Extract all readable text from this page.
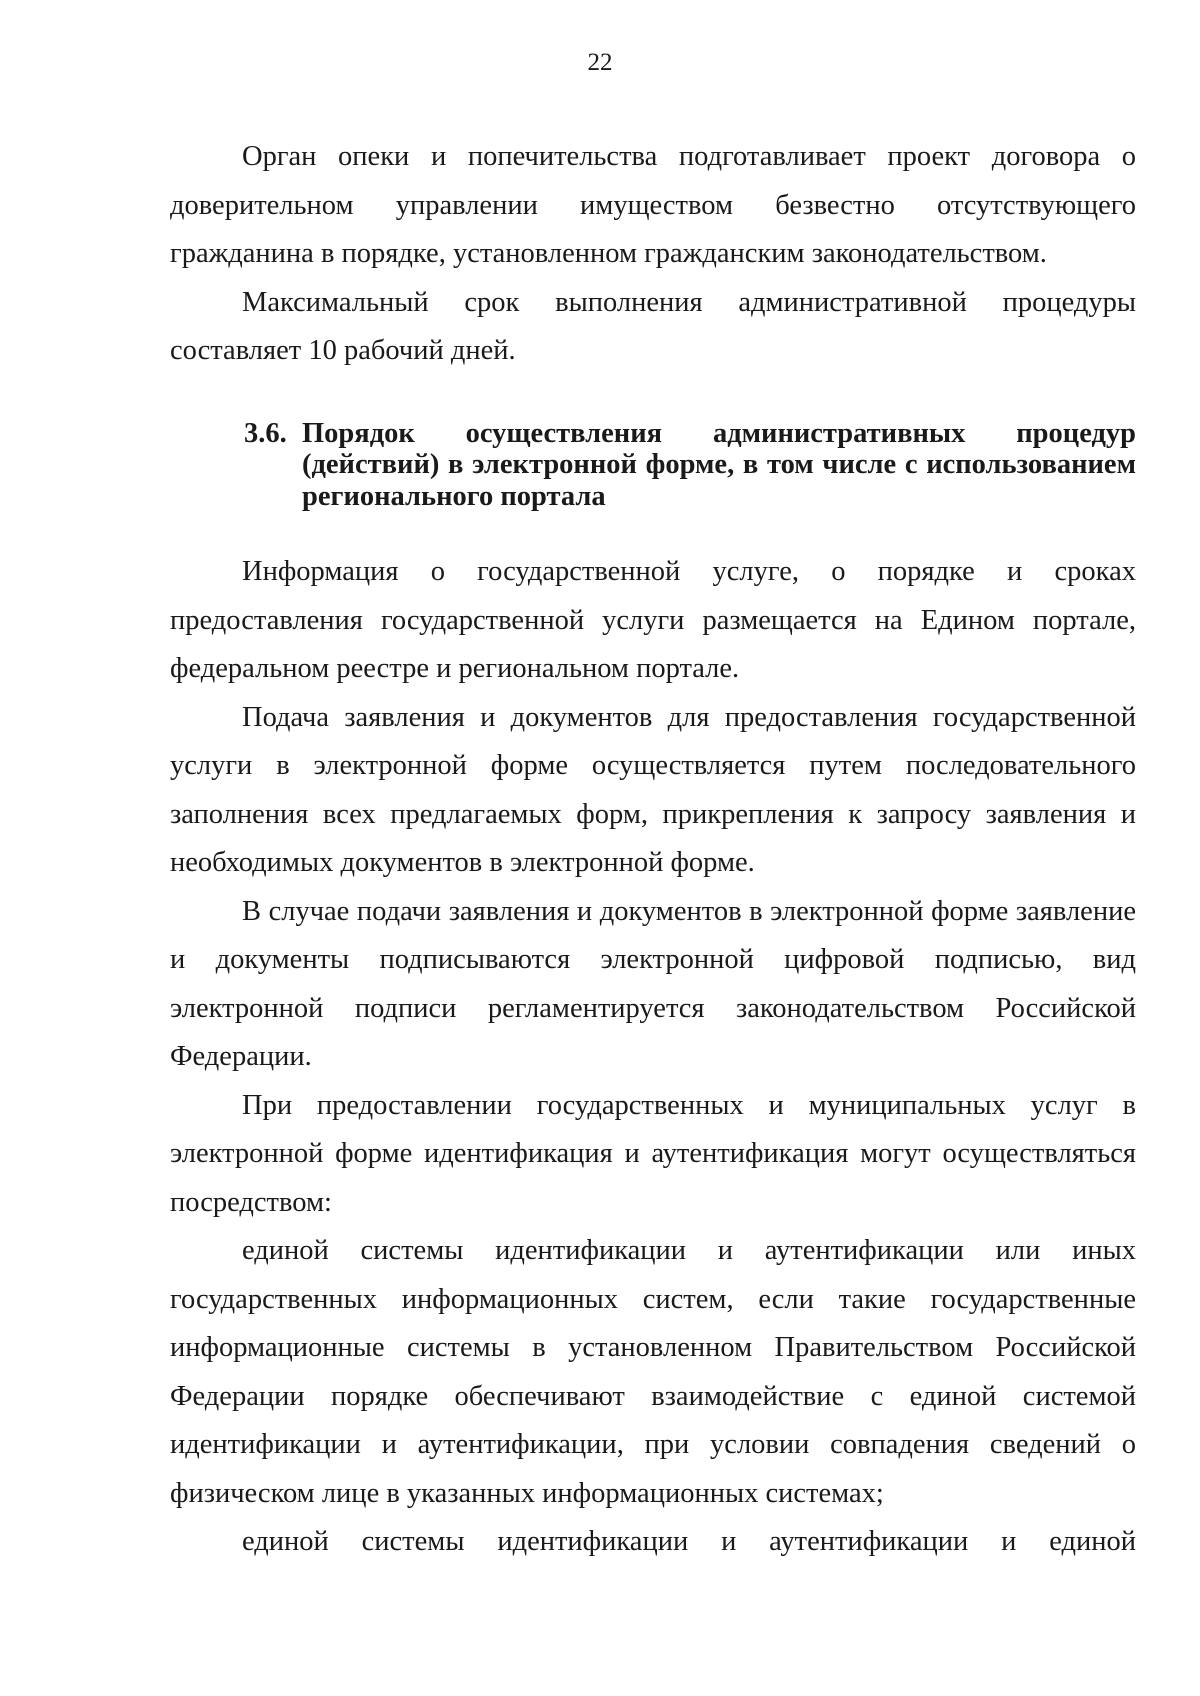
22

Орган опеки и попечительства подготавливает проект договора о доверительном управлении имуществом безвестно отсутствующего гражданина в порядке, установленном гражданским законодательством.

Максимальный срок выполнения административной процедуры составляет 10 рабочий дней.

3.6. Порядок осуществления административных процедур (действий) в электронной форме, в том числе с использованием регионального портала

Информация о государственной услуге, о порядке и сроках предоставления государственной услуги размещается на Едином портале, федеральном реестре и региональном портале.

Подача заявления и документов для предоставления государственной услуги в электронной форме осуществляется путем последовательного заполнения всех предлагаемых форм, прикрепления к запросу заявления и необходимых документов в электронной форме.

В случае подачи заявления и документов в электронной форме заявление и документы подписываются электронной цифровой подписью, вид электронной подписи регламентируется законодательством Российской Федерации.

При предоставлении государственных и муниципальных услуг в электронной форме идентификация и аутентификация могут осуществляться посредством:

единой системы идентификации и аутентификации или иных государственных информационных систем, если такие государственные информационные системы в установленном Правительством Российской Федерации порядке обеспечивают взаимодействие с единой системой идентификации и аутентификации, при условии совпадения сведений о физическом лице в указанных информационных системах;

единой системы идентификации и аутентификации и единой
